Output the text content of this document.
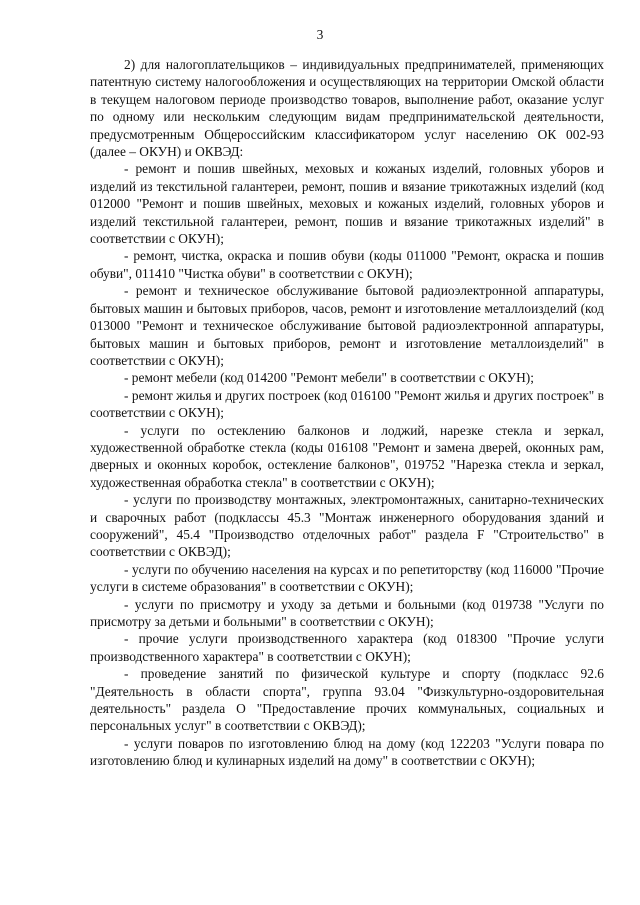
3

2) для налогоплательщиков – индивидуальных предпринимателей, применяющих патентную систему налогообложения и осуществляющих на территории Омской области в текущем налоговом периоде производство товаров, выполнение работ, оказание услуг по одному или нескольким следующим видам предпринимательской деятельности, предусмотренным Общероссийским классификатором услуг населению ОК 002-93 (далее – ОКУН) и ОКВЭД:

- ремонт и пошив швейных, меховых и кожаных изделий, головных уборов и изделий из текстильной галантереи, ремонт, пошив и вязание трикотажных изделий (код 012000 "Ремонт и пошив швейных, меховых и кожаных изделий, головных уборов и изделий текстильной галантереи, ремонт, пошив и вязание трикотажных изделий" в соответствии с ОКУН);

- ремонт, чистка, окраска и пошив обуви (коды 011000 "Ремонт, окраска и пошив обуви", 011410 "Чистка обуви" в соответствии с ОКУН);

- ремонт и техническое обслуживание бытовой радиоэлектронной аппаратуры, бытовых машин и бытовых приборов, часов, ремонт и изготовление металлоизделий (код 013000 "Ремонт и техническое обслуживание бытовой радиоэлектронной аппаратуры, бытовых машин и бытовых приборов, ремонт и изготовление металлоизделий" в соответствии с ОКУН);

- ремонт мебели (код 014200 "Ремонт мебели" в соответствии с ОКУН);

- ремонт жилья и других построек (код 016100 "Ремонт жилья и других построек" в соответствии с ОКУН);

- услуги по остеклению балконов и лоджий, нарезке стекла и зеркал, художественной обработке стекла (коды 016108 "Ремонт и замена дверей, оконных рам, дверных и оконных коробок, остекление балконов", 019752 "Нарезка стекла и зеркал, художественная обработка стекла" в соответствии с ОКУН);

- услуги по производству монтажных, электромонтажных, санитарно-технических и сварочных работ (подклассы 45.3 "Монтаж инженерного оборудования зданий и сооружений", 45.4 "Производство отделочных работ" раздела F "Строительство" в соответствии с ОКВЭД);

- услуги по обучению населения на курсах и по репетиторству (код 116000 "Прочие услуги в системе образования" в соответствии с ОКУН);

- услуги по присмотру и уходу за детьми и больными (код 019738 "Услуги по присмотру за детьми и больными" в соответствии с ОКУН);

- прочие услуги производственного характера (код 018300 "Прочие услуги производственного характера" в соответствии с ОКУН);

- проведение занятий по физической культуре и спорту (подкласс 92.6 "Деятельность в области спорта", группа 93.04 "Физкультурно-оздоровительная деятельность" раздела О "Предоставление прочих коммунальных, социальных и персональных услуг" в соответствии с ОКВЭД);

- услуги поваров по изготовлению блюд на дому (код 122203 "Услуги повара по изготовлению блюд и кулинарных изделий на дому" в соответствии с ОКУН);
